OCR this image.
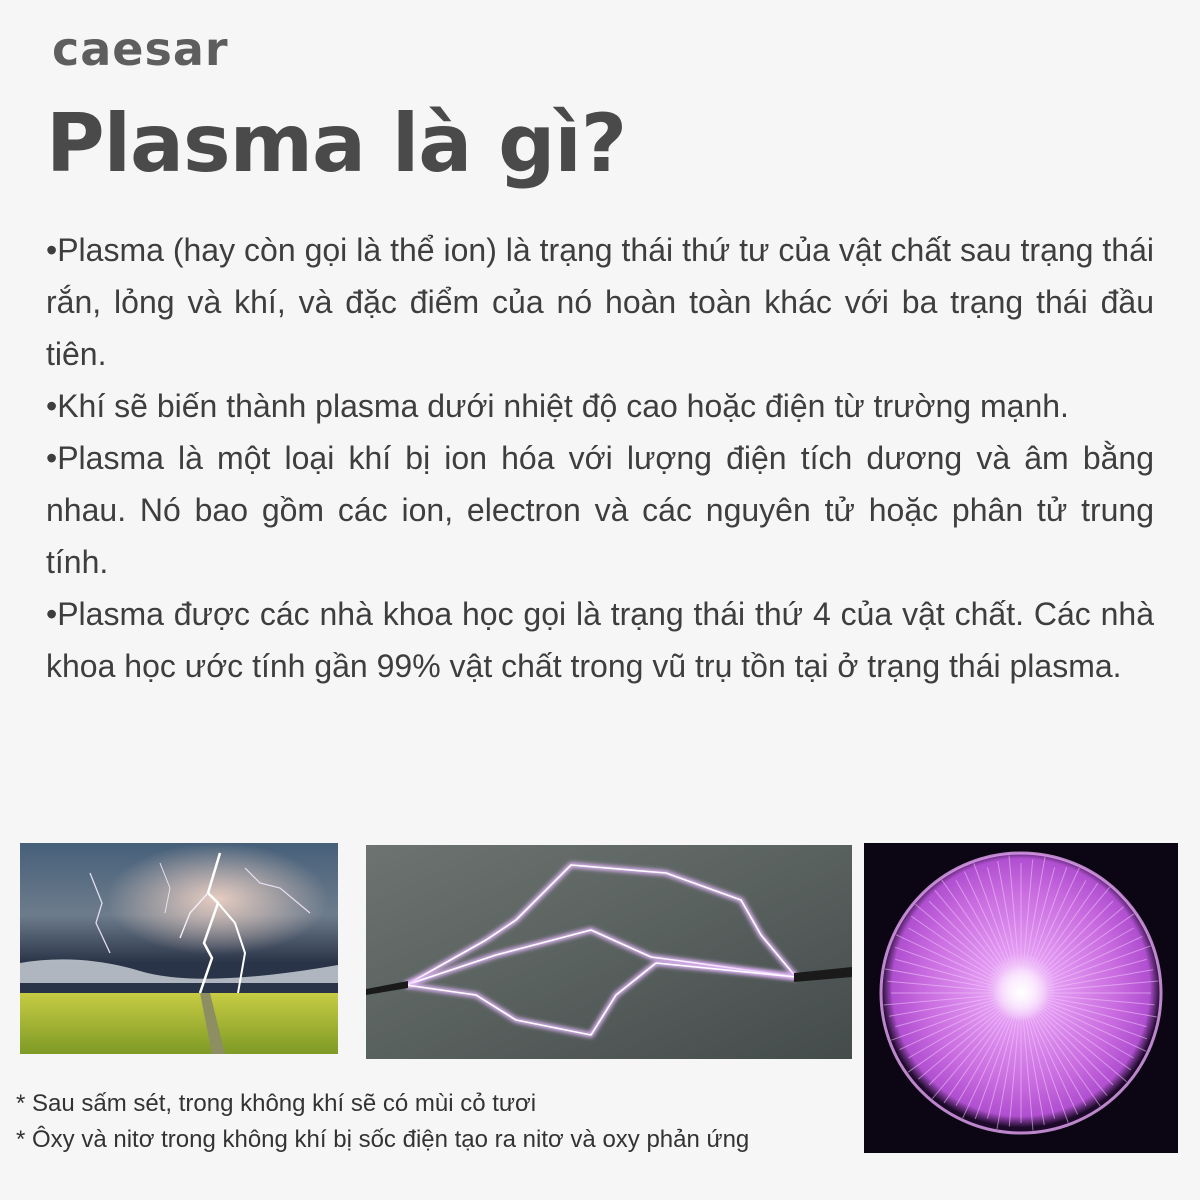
caesar
Plasma là gì?

•Plasma (hay còn gọi là thể ion) là trạng thái thứ tư của vật chất sau trạng thái rắn, lỏng và khí, và đặc điểm của nó hoàn toàn khác với ba trạng thái đầu tiên.

•Khí sẽ biến thành plasma dưới nhiệt độ cao hoặc điện từ trường mạnh.

•Plasma là một loại khí bị ion hóa với lượng điện tích dương và âm bằng nhau. Nó bao gồm các ion, electron và các nguyên tử hoặc phân tử trung tính.

•Plasma được các nhà khoa học gọi là trạng thái thứ 4 của vật chất. Các nhà khoa học ước tính gần 99% vật chất trong vũ trụ tồn tại ở trạng thái plasma.

* Sau sấm sét, trong không khí sẽ có mùi cỏ tươi
* Ôxy và nitơ trong không khí bị sốc điện tạo ra nitơ và oxy phản ứng
